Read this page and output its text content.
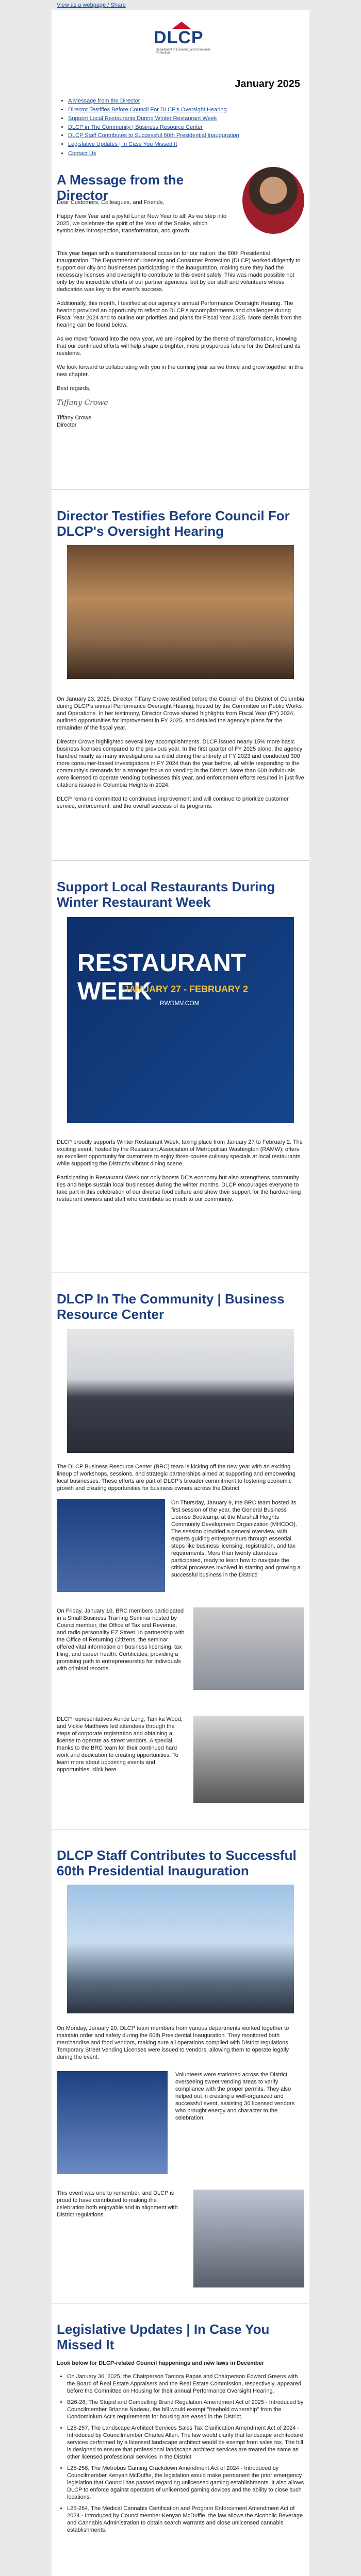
View as a webpage / Share
DLCP
Department of Licensing and Consumer Protection
January 2025
• A Message from the Director
• Director Testifies Before Council For DLCP's Oversight Hearing
• Support Local Restaurants During Winter Restaurant Week
• DLCP in The Community | Business Resource Center
• DLCP Staff Contributes to Successful 60th Presidential Inauguration
• Legislative Updates | In Case You Missed It
• Contact Us
A Message from the Director

Dear Customers, Colleagues, and Friends,

Happy New Year and a joyful Lunar New Year to all! As we step into 2025, we celebrate the spirit of the Year of the Snake, which symbolizes introspection, transformation, and growth.

This year began with a transformational occasion for our nation: the 60th Presidential Inauguration. The Department of Licensing and Consumer Protection (DLCP) worked diligently to support our city and businesses participating in the inauguration, making sure they had the necessary licenses and oversight to contribute to this event safely. This was made possible not only by the incredible efforts of our partner agencies, but by our staff and volunteers whose dedication was key to the event's success.

Additionally, this month, I testified at our agency's annual Performance Oversight Hearing. The hearing provided an opportunity to reflect on DLCP's accomplishments and challenges during Fiscal Year 2024 and to outline our priorities and plans for Fiscal Year 2025. More details from the hearing can be found below.

As we move forward into the new year, we are inspired by the theme of transformation, knowing that our continued efforts will help shape a brighter, more prosperous future for the District and its residents.

We look forward to collaborating with you in the coming year as we thrive and grow together in this new chapter.

Best regards,

Tiffany Crowe

Tiffany Crowe

Director

Director Testifies Before Council For DLCP's Oversight Hearing

On January 23, 2025, Director Tiffany Crowe testified before the Council of the District of Columbia during DLCP's annual Performance Oversight Hearing, hosted by the Committee on Public Works and Operations. In her testimony, Director Crowe shared highlights from Fiscal Year (FY) 2024, outlined opportunities for improvement in FY 2025, and detailed the agency's plans for the remainder of the fiscal year.

Director Crowe highlighted several key accomplishments. DLCP issued nearly 15% more basic business licenses compared to the previous year. In the first quarter of FY 2025 alone, the agency handled nearly as many investigations as it did during the entirety of FY 2023 and conducted 300 more consumer-based investigations in FY 2024 than the year before, all while responding to the community's demands for a stronger focus on vending in the District. More than 600 individuals were licensed to operate vending businesses this year, and enforcement efforts resulted in just five citations issued in Columbia Heights in 2024.

DLCP remains committed to continuous improvement and will continue to prioritize customer service, enforcement, and the overall success of its programs.

Support Local Restaurants During Winter Restaurant Week
RESTAURANT WEEK
JANUARY 27 - FEBRUARY 2
RWDMV.COM

DLCP proudly supports Winter Restaurant Week, taking place from January 27 to February 2. The exciting event, hosted by the Restaurant Association of Metropolitan Washington (RAMW), offers an excellent opportunity for customers to enjoy three-course culinary specials at local restaurants while supporting the District's vibrant dining scene.

Participating in Restaurant Week not only boosts DC's economy but also strengthens community ties and helps sustain local businesses during the winter months. DLCP encourages everyone to take part in this celebration of our diverse food culture and show their support for the hardworking restaurant owners and staff who contribute so much to our community.

DLCP In The Community | Business Resource Center

The DLCP Business Resource Center (BRC) team is kicking off the new year with an exciting lineup of workshops, sessions, and strategic partnerships aimed at supporting and empowering local businesses. These efforts are part of DLCP's broader commitment to fostering economic growth and creating opportunities for business owners across the District.

On Thursday, January 9, the BRC team hosted its first session of the year, the General Business License Bootcamp, at the Marshall Heights Community Development Organization (MHCDO). The session provided a general overview, with experts guiding entrepreneurs through essential steps like business licensing, registration, and tax requirements. More than twenty attendees participated, ready to learn how to navigate the critical processes involved in starting and growing a successful business in the District!

On Friday, January 10, BRC members participated in a Small Business Training Seminar hosted by Councilmember, the Office of Tax and Revenue, and radio personality EZ Street. In partnership with the Office of Returning Citizens, the seminar offered vital information on business licensing, tax filing, and career health. Certificates, providing a promising path to entrepreneurship for individuals with criminal records.

DLCP representatives Aurice Long, Tamika Wood, and Vickie Matthews led attendees through the steps of corporate registration and obtaining a license to operate as street vendors. A special thanks to the BRC team for their continued hard work and dedication to creating opportunities. To learn more about upcoming events and opportunities, click here.

DLCP Staff Contributes to Successful 60th Presidential Inauguration

On Monday, January 20, DLCP team members from various departments worked together to maintain order and safety during the 60th Presidential Inauguration. They monitored both merchandise and food vendors, making sure all operations complied with District regulations. Temporary Street Vending Licenses were issued to vendors, allowing them to operate legally during the event.

Volunteers were stationed across the District, overseeing sweet vending areas to verify compliance with the proper permits. They also helped out in creating a well-organized and successful event, assisting 36 licensed vendors who brought energy and character to the celebration.

This event was one to remember, and DLCP is proud to have contributed to making the celebration both enjoyable and in alignment with District regulations.

Legislative Updates | In Case You Missed It

Look below for DLCP-related Council happenings and new laws in December

• On January 30, 2025, the Chairperson Tamora Papas and Chairperson Edward Greens with the Board of Real Estate Appraisers and the Real Estate Commission, respectively, appeared before the Committee on Housing for their annual Performance Oversight Hearing.
• B26-26, The Stupid and Compelling Brand Regulation Amendment Act of 2025 - Introduced by Councilmember Brianne Nadeau, the bill would exempt "freehold ownership" from the Condominium Act's requirements for housing are eased in the District.
• L25-257, The Landscape Architect Services Sales Tax Clarification Amendment Act of 2024 - Introduced by Councilmember Charles Allen. The law would clarify that landscape architecture services performed by a licensed landscape architect would be exempt from sales tax. The bill is designed to ensure that professional landscape architect services are treated the same as other licensed professional services in the District.
• L25-258, The Metrobus Gaming Crackdown Amendment Act of 2024 - Introduced by Councilmember Kenyan McDuffie, the legislation would make permanent the prior emergency legislation that Council has passed regarding unlicensed gaming establishments. It also allows DLCP to enforce against operators of unlicensed gaming devices and the ability to close such locations.
• L25-264, The Medical Cannabis Certification and Program Enforcement Amendment Act of 2024 - Introduced by Councilmember Kenyan McDuffie, the law allows the Alcoholic Beverage and Cannabis Administration to obtain search warrants and close unlicensed cannabis establishments.
